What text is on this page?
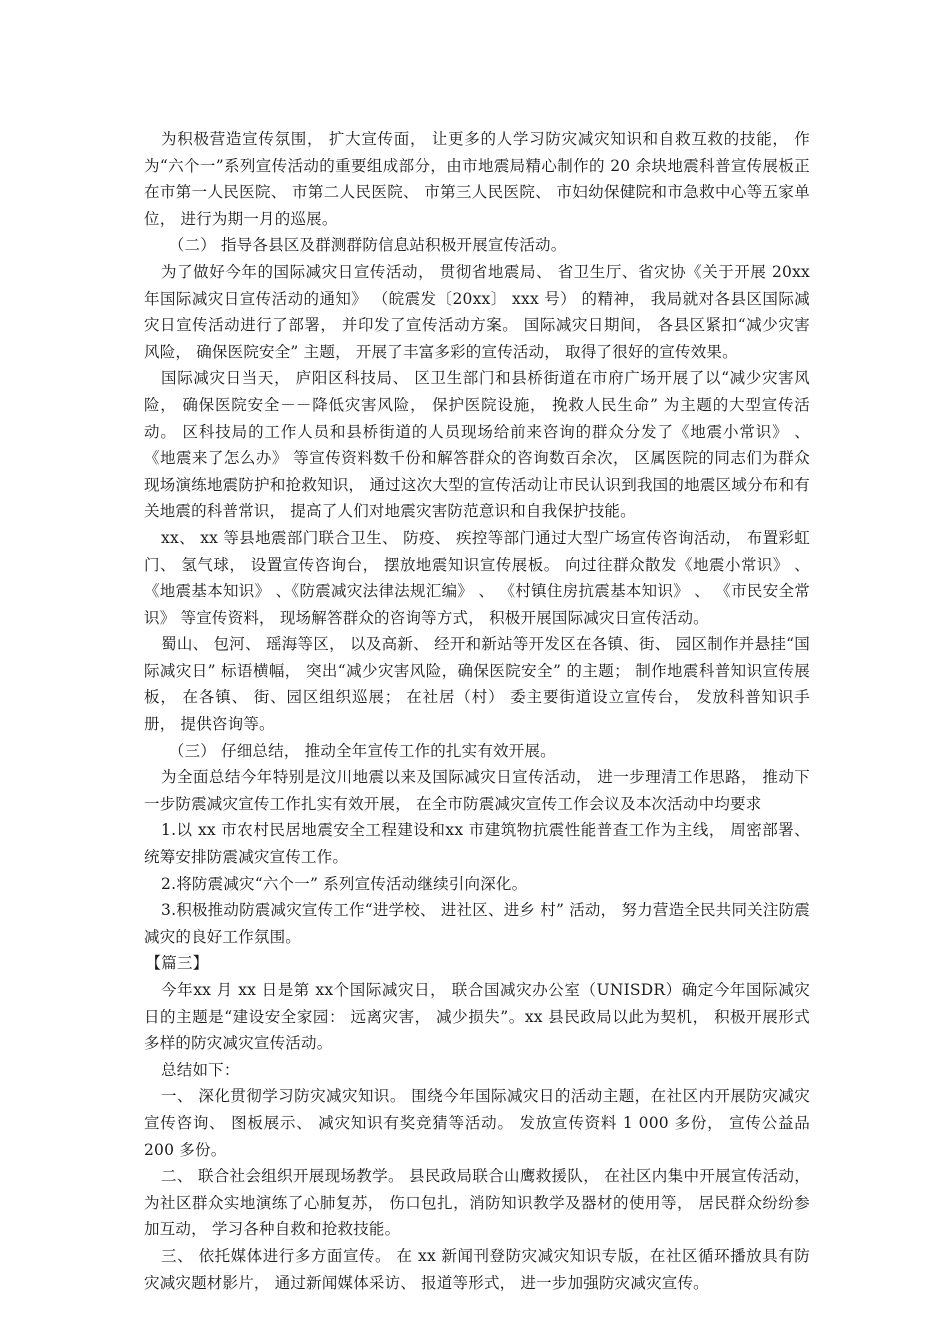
为积极营造宣传氛围， 扩大宣传面， 让更多的人学习防灾减灾知识和自救互救的技能， 作为“六个一”系列宣传活动的重要组成部分，由市地震局精心制作的 20 余块地震科普宣传展板正在市第一人民医院、 市第二人民医院、 市第三人民医院、 市妇幼保健院和市急救中心等五家单位， 进行为期一月的巡展。

（二） 指导各县区及群测群防信息站积极开展宣传活动。

为了做好今年的国际减灾日宣传活动， 贯彻省地震局、 省卫生厅、省灾协《关于开展 20xx 年国际减灾日宣传活动的通知》 （皖震发〔20xx〕 xxx 号） 的精神， 我局就对各县区国际减灾日宣传活动进行了部署， 并印发了宣传活动方案。 国际减灾日期间， 各县区紧扣“减少灾害风险， 确保医院安全” 主题， 开展了丰富多彩的宣传活动， 取得了很好的宣传效果。

国际减灾日当天， 庐阳区科技局、 区卫生部门和县桥街道在市府广场开展了以“减少灾害风险， 确保医院安全－－降低灾害风险， 保护医院设施， 挽救人民生命” 为主题的大型宣传活动。 区科技局的工作人员和县桥街道的人员现场给前来咨询的群众分发了《地震小常识》 、 《地震来了怎么办》 等宣传资料数千份和解答群众的咨询数百余次， 区属医院的同志们为群众现场演练地震防护和抢救知识， 通过这次大型的宣传活动让市民认识到我国的地震区域分布和有关地震的科普常识， 提高了人们对地震灾害防范意识和自我保护技能。

xx、 xx 等县地震部门联合卫生、 防疫、 疾控等部门通过大型广场宣传咨询活动， 布置彩虹门、 氢气球， 设置宣传咨询台， 摆放地震知识宣传展板。 向过往群众散发《地震小常识》 、 《地震基本知识》 、《防震减灾法律法规汇编》 、 《村镇住房抗震基本知识》 、 《市民安全常识》 等宣传资料， 现场解答群众的咨询等方式， 积极开展国际减灾日宣传活动。

蜀山、 包河、 瑶海等区， 以及高新、 经开和新站等开发区在各镇、街、 园区制作并悬挂“国际减灾日” 标语横幅， 突出“减少灾害风险，确保医院安全” 的主题； 制作地震科普知识宣传展板， 在各镇、 街、园区组织巡展； 在社居（村） 委主要街道设立宣传台， 发放科普知识手册， 提供咨询等。

（三） 仔细总结， 推动全年宣传工作的扎实有效开展。

为全面总结今年特别是汶川地震以来及国际减灾日宣传活动， 进一步理清工作思路， 推动下一步防震减灾宣传工作扎实有效开展， 在全市防震减灾宣传工作会议及本次活动中均要求

1.以 xx 市农村民居地震安全工程建设和xx 市建筑物抗震性能普查工作为主线， 周密部署、 统筹安排防震减灾宣传工作。

2.将防震减灾“六个一” 系列宣传活动继续引向深化。

3.积极推动防震减灾宣传工作“进学校、 进社区、进乡 村” 活动， 努力营造全民共同关注防震减灾的良好工作氛围。

【篇三】

今年xx 月 xx 日是第 xx个国际减灾日， 联合国减灾办公室（UNISDR）确定今年国际减灾日的主题是“建设安全家园： 远离灾害， 减少损失”。xx 县民政局以此为契机， 积极开展形式多样的防灾减灾宣传活动。

总结如下：

一、 深化贯彻学习防灾减灾知识。 围绕今年国际减灾日的活动主题，在社区内开展防灾减灾宣传咨询、 图板展示、 减灾知识有奖竞猜等活动。 发放宣传资料 1 000 多份， 宣传公益品 200 多份。

二、 联合社会组织开展现场教学。 县民政局联合山鹰救援队， 在社区内集中开展宣传活动， 为社区群众实地演练了心肺复苏， 伤口包扎，消防知识教学及器材的使用等， 居民群众纷纷参加互动， 学习各种自救和抢救技能。

三、 依托媒体进行多方面宣传。 在 xx 新闻刊登防灾减灾知识专版，在社区循环播放具有防灾减灾题材影片， 通过新闻媒体采访、 报道等形式， 进一步加强防灾减灾宣传。
